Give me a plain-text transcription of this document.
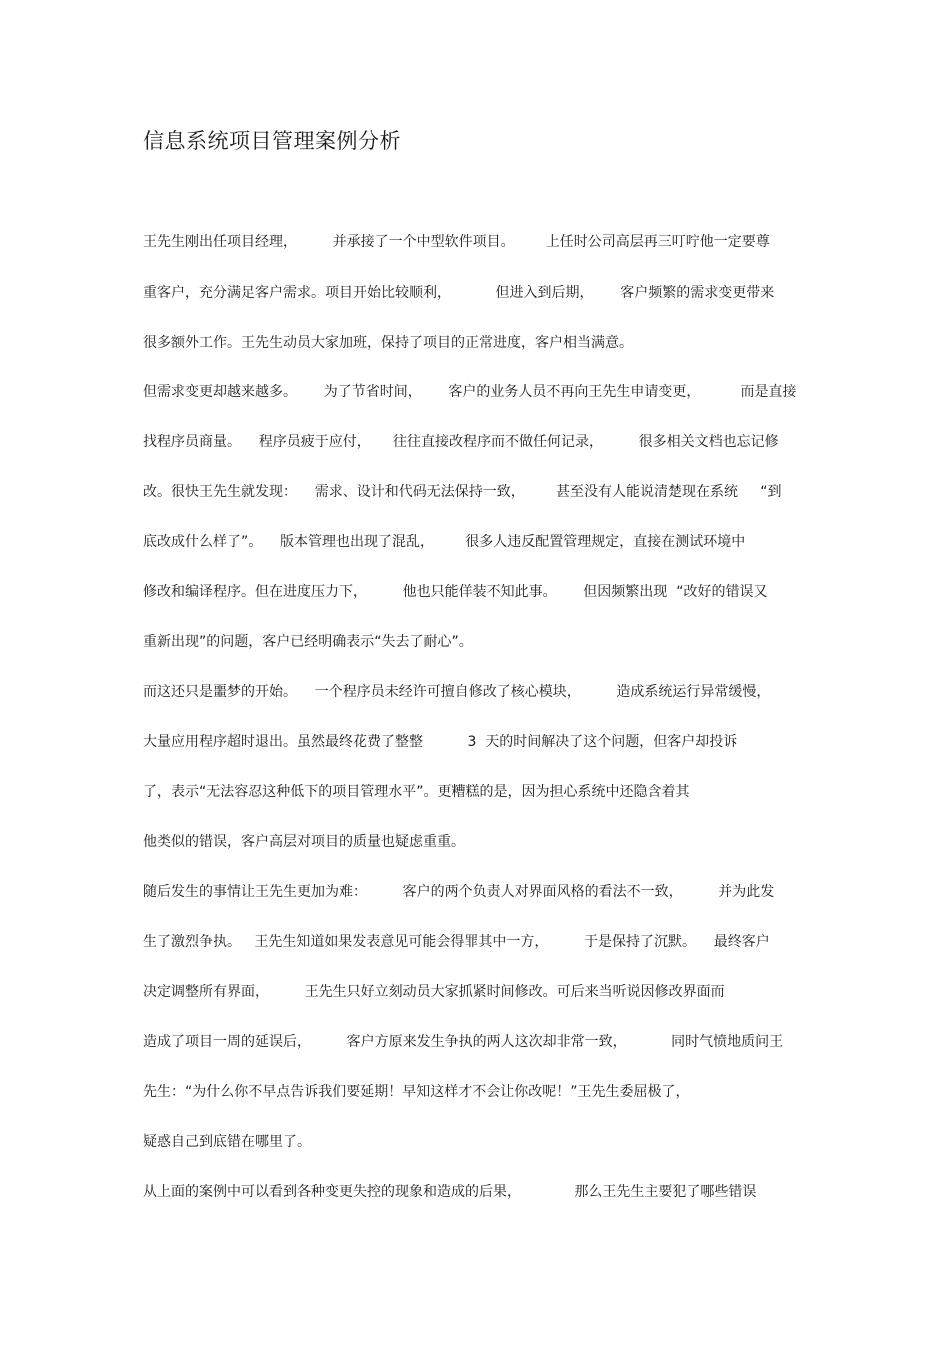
信息系统项目管理案例分析
王先生刚出任项目经理，        并承接了一个中型软件项目。       上任时公司高层再三叮咛他一定要尊
重客户，充分满足客户需求。项目开始比较顺利，          但进入到后期，      客户频繁的需求变更带来
很多额外工作。王先生动员大家加班，保持了项目的正常进度，客户相当满意。
但需求变更却越来越多。      为了节省时间，      客户的业务人员不再向王先生申请变更，         而是直接
找程序员商量。    程序员疲于应付，     往往直接改程序而不做任何记录，        很多相关文档也忘记修
改。很快王先生就发现：    需求、设计和代码无法保持一致，       甚至没有人能说清楚现在系统     “到
底改成什么样了”。    版本管理也出现了混乱，       很多人违反配置管理规定，直接在测试环境中
修改和编译程序。但在进度压力下，        他也只能佯装不知此事。      但因频繁出现  “改好的错误又
重新出现”的问题，客户已经明确表示“失去了耐心”。
而这还只是噩梦的开始。    一个程序员未经许可擅自修改了核心模块，        造成系统运行异常缓慢，
大量应用程序超时退出。虽然最终花费了整整          3  天的时间解决了这个问题，但客户却投诉
了，表示“无法容忍这种低下的项目管理水平”。更糟糕的是，因为担心系统中还隐含着其
他类似的错误，客户高层对项目的质量也疑虑重重。
随后发生的事情让王先生更加为难：        客户的两个负责人对界面风格的看法不一致，        并为此发
生了激烈争执。   王先生知道如果发表意见可能会得罪其中一方，        于是保持了沉默。    最终客户
决定调整所有界面，        王先生只好立刻动员大家抓紧时间修改。可后来当听说因修改界面而
造成了项目一周的延误后，        客户方原来发生争执的两人这次却非常一致，          同时气愤地质问王
先生：“为什么你不早点告诉我们要延期！早知这样才不会让你改呢！”王先生委屈极了，
疑惑自己到底错在哪里了。
从上面的案例中可以看到各种变更失控的现象和造成的后果，            那么王先生主要犯了哪些错误
